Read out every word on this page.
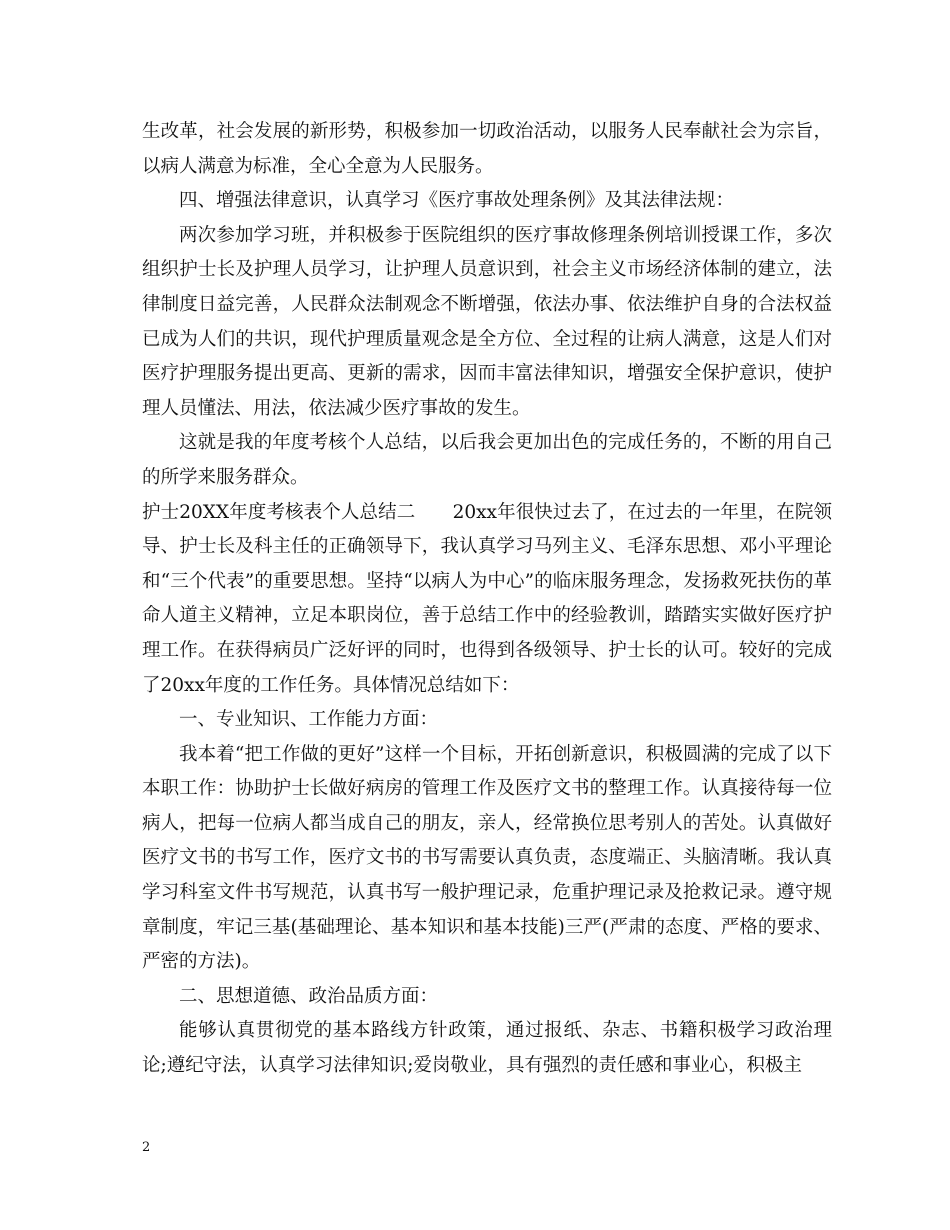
生改革，社会发展的新形势，积极参加一切政治活动，以服务人民奉献社会为宗旨，以病人满意为标准，全心全意为人民服务。

四、增强法律意识，认真学习《医疗事故处理条例》及其法律法规：

两次参加学习班，并积极参于医院组织的医疗事故修理条例培训授课工作，多次组织护士长及护理人员学习，让护理人员意识到，社会主义市场经济体制的建立，法律制度日益完善，人民群众法制观念不断增强，依法办事、依法维护自身的合法权益已成为人们的共识，现代护理质量观念是全方位、全过程的让病人满意，这是人们对医疗护理服务提出更高、更新的需求，因而丰富法律知识，增强安全保护意识，使护理人员懂法、用法，依法减少医疗事故的发生。

这就是我的年度考核个人总结，以后我会更加出色的完成任务的，不断的用自己的所学来服务群众。

护士20XX年度考核表个人总结二　　20xx年很快过去了，在过去的一年里，在院领导、护士长及科主任的正确领导下，我认真学习马列主义、毛泽东思想、邓小平理论和“三个代表”的重要思想。坚持“以病人为中心”的临床服务理念，发扬救死扶伤的革命人道主义精神，立足本职岗位，善于总结工作中的经验教训，踏踏实实做好医疗护理工作。在获得病员广泛好评的同时，也得到各级领导、护士长的认可。较好的完成了20xx年度的工作任务。具体情况总结如下：

一、专业知识、工作能力方面：

我本着“把工作做的更好”这样一个目标，开拓创新意识，积极圆满的完成了以下本职工作：协助护士长做好病房的管理工作及医疗文书的整理工作。认真接待每一位病人，把每一位病人都当成自己的朋友，亲人，经常换位思考别人的苦处。认真做好医疗文书的书写工作，医疗文书的书写需要认真负责，态度端正、头脑清晰。我认真学习科室文件书写规范，认真书写一般护理记录，危重护理记录及抢救记录。遵守规章制度，牢记三基(基础理论、基本知识和基本技能)三严(严肃的态度、严格的要求、严密的方法)。

二、思想道德、政治品质方面：

能够认真贯彻党的基本路线方针政策，通过报纸、杂志、书籍积极学习政治理论;遵纪守法，认真学习法律知识;爱岗敬业，具有强烈的责任感和事业心，积极主

2
